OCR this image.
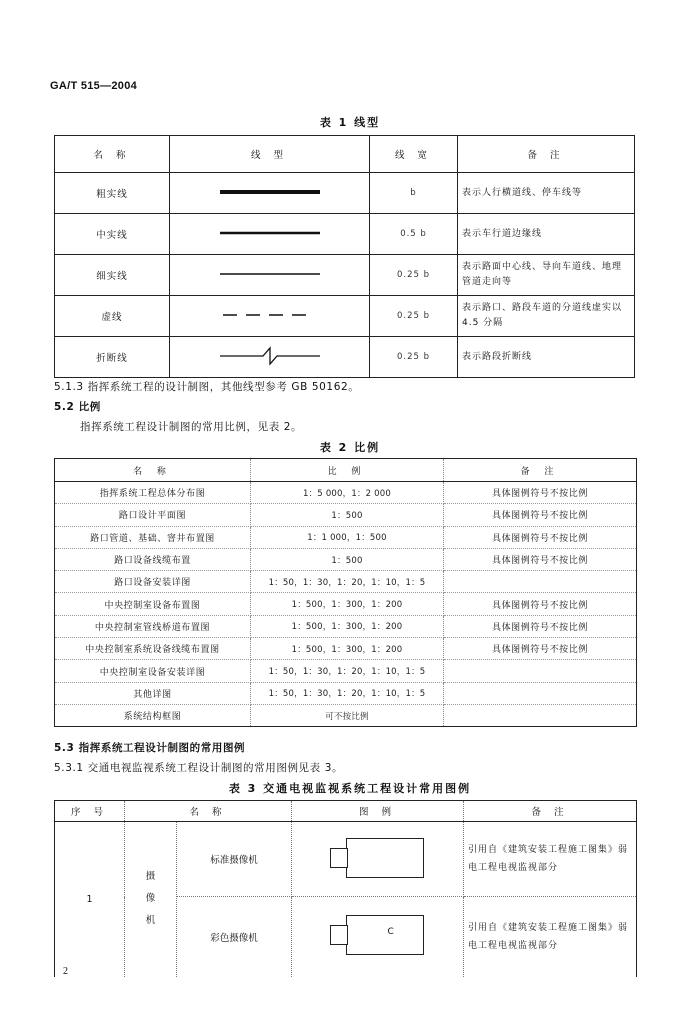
GA/T 515—2004
表 1 线型
名 称	线 型	线 宽	备 注
粗实线		b	表示人行横道线、停车线等
中实线		0.5 b	表示车行道边缘线
细实线		0.25 b	表示路面中心线、导向车道线、地理管道走向等
虚线		0.25 b	表示路口、路段车道的分道线虚实以 4.5 分隔
折断线		0.25 b	表示路段折断线
5.1.3 指挥系统工程的设计制图，其他线型参考 GB 50162。
5.2 比例
指挥系统工程设计制图的常用比例，见表 2。
表 2 比例
名 称	比 例	备 注
指挥系统工程总体分布图	1：5 000，1：2 000	具体图例符号不按比例
路口设计平面图	1：500	具体图例符号不按比例
路口管道、基础、窨井布置图	1：1 000，1：500	具体图例符号不按比例
路口设备线缆布置	1：500	具体图例符号不按比例
路口设备安装详图	1：50，1：30，1：20，1：10，1：5	
中央控制室设备布置图	1：500，1：300，1：200	具体图例符号不按比例
中央控制室管线桥道布置图	1：500，1：300，1：200	具体图例符号不按比例
中央控制室系统设备线缆布置图	1：500，1：300，1：200	具体图例符号不按比例
中央控制室设备安装详图	1：50，1：30，1：20，1：10，1：5	
其他详图	1：50，1：30，1：20，1：10，1：5	
系统结构框图	可不按比例	
5.3 指挥系统工程设计制图的常用图例
5.3.1 交通电视监视系统工程设计制图的常用图例见表 3。
表 3 交通电视监视系统工程设计常用图例
序 号	名 称		图 例	备 注
1	摄
像
机	标准摄像机		引用自《建筑安装工程施工图集》弱电工程电视监视部分
		彩色摄像机	C	引用自《建筑安装工程施工图集》弱电工程电视监视部分
2
